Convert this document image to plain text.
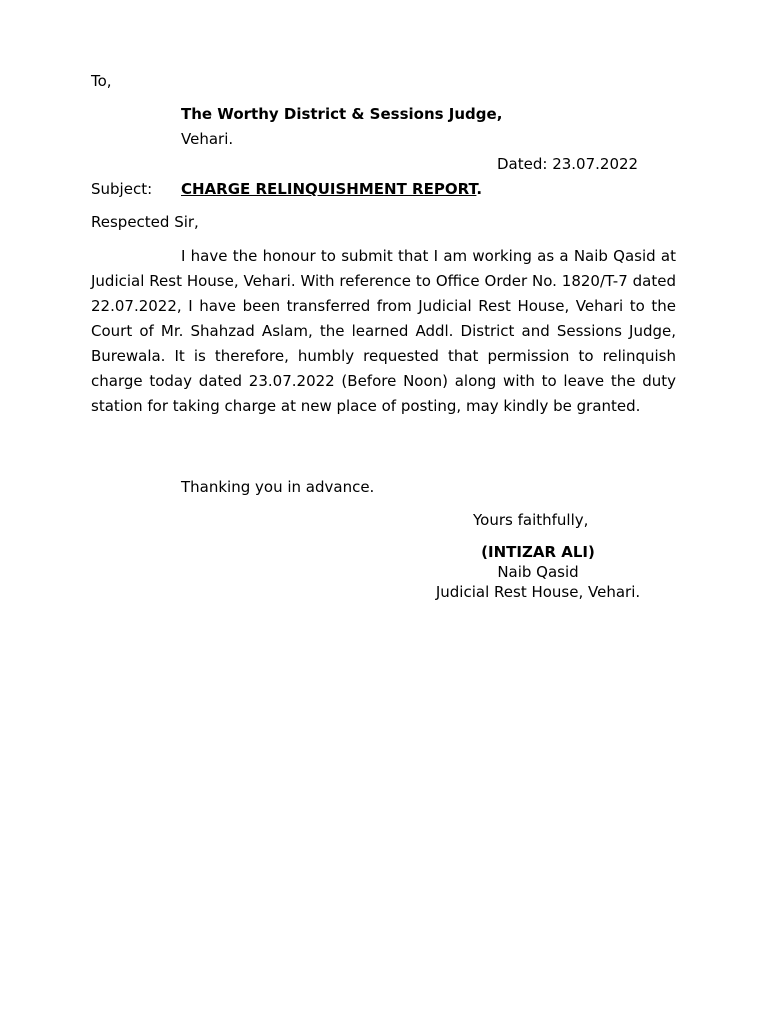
To,
The Worthy District & Sessions Judge,
Vehari.
Dated: 23.07.2022
Subject: CHARGE RELINQUISHMENT REPORT.
Respected Sir,

I have the honour to submit that I am working as a Naib Qasid at Judicial Rest House, Vehari. With reference to Office Order No. 1820/T-7 dated 22.07.2022, I have been transferred from Judicial Rest House, Vehari to the Court of Mr. Shahzad Aslam, the learned Addl. District and Sessions Judge, Burewala. It is therefore, humbly requested that permission to relinquish charge today dated 23.07.2022 (Before Noon) along with to leave the duty station for taking charge at new place of posting, may kindly be granted.

Thanking you in advance.
Yours faithfully,
(INTIZAR ALI)
Naib Qasid
Judicial Rest House, Vehari.
